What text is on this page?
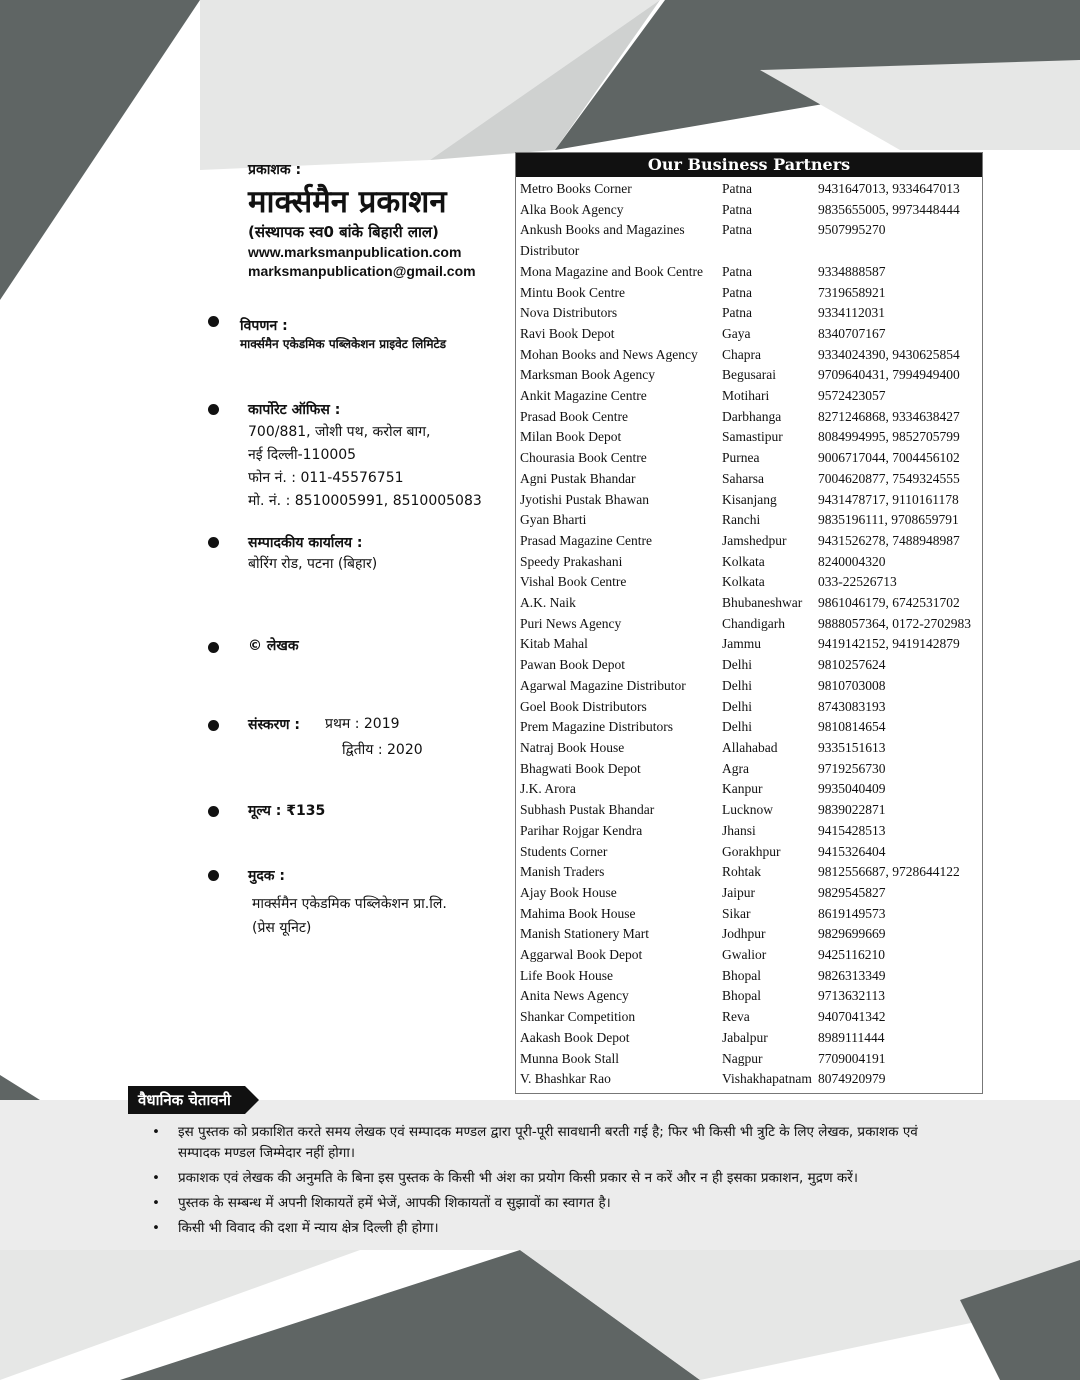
प्रकाशक :
मार्क्समैन प्रकाशन
(संस्थापक स्व0 बांके बिहारी लाल)
www.marksmanpublication.com
marksmanpublication@gmail.com
विपणन :
मार्क्समैन एकेडमिक पब्लिकेशन प्राइवेट लिमिटेड
कार्पोरेट ऑफिस :
700/881, जोशी पथ, करोल बाग,
नई दिल्ली-110005
फोन नं. : 011-45576751
मो. नं. : 8510005991, 8510005083
सम्पादकीय कार्यालय :
बोरिंग रोड, पटना (बिहार)
© लेखक
संस्करण : प्रथम : 2019
द्वितीय : 2020
मूल्य : ₹135
मुदक :
मार्क्समैन एकेडमिक पब्लिकेशन प्रा.लि.
(प्रेस यूनिट)
Our Business Partners
Metro Books Corner	Patna	9431647013, 9334647013
Alka Book Agency	Patna	9835655005, 9973448444
Ankush Books and Magazines Distributor	Patna	9507995270
Mona Magazine and Book Centre	Patna	9334888587
Mintu Book Centre	Patna	7319658921
Nova Distributors	Patna	9334112031
Ravi Book Depot	Gaya	8340707167
Mohan Books and News Agency	Chapra	9334024390, 9430625854
Marksman Book Agency	Begusarai	9709640431, 7994949400
Ankit Magazine Centre	Motihari	9572423057
Prasad Book Centre	Darbhanga	8271246868, 9334638427
Milan Book Depot	Samastipur	8084994995, 9852705799
Chourasia Book Centre	Purnea	9006717044, 7004456102
Agni Pustak Bhandar	Saharsa	7004620877, 7549324555
Jyotishi Pustak Bhawan	Kisanjang	9431478717, 9110161178
Gyan Bharti	Ranchi	9835196111, 9708659791
Prasad Magazine Centre	Jamshedpur	9431526278, 7488948987
Speedy Prakashani	Kolkata	8240004320
Vishal Book Centre	Kolkata	033-22526713
A.K. Naik	Bhubaneshwar	9861046179, 6742531702
Puri News Agency	Chandigarh	9888057364, 0172-2702983
Kitab Mahal	Jammu	9419142152, 9419142879
Pawan Book Depot	Delhi	9810257624
Agarwal Magazine Distributor	Delhi	9810703008
Goel Book Distributors	Delhi	8743083193
Prem Magazine Distributors	Delhi	9810814654
Natraj Book House	Allahabad	9335151613
Bhagwati Book Depot	Agra	9719256730
J.K. Arora	Kanpur	9935040409
Subhash Pustak Bhandar	Lucknow	9839022871
Parihar Rojgar Kendra	Jhansi	9415428513
Students Corner	Gorakhpur	9415326404
Manish Traders	Rohtak	9812556687, 9728644122
Ajay Book House	Jaipur	9829545827
Mahima Book House	Sikar	8619149573
Manish Stationery Mart	Jodhpur	9829699669
Aggarwal Book Depot	Gwalior	9425116210
Life Book House	Bhopal	9826313349
Anita News Agency	Bhopal	9713632113
Shankar Competition	Reva	9407041342
Aakash Book Depot	Jabalpur	8989111444
Munna Book Stall	Nagpur	7709004191
V. Bhashkar Rao	Vishakhapatnam	8074920979
वैधानिक चेतावनी
• इस पुस्तक को प्रकाशित करते समय लेखक एवं सम्पादक मण्डल द्वारा पूरी-पूरी सावधानी बरती गई है; फिर भी किसी भी त्रुटि के लिए लेखक, प्रकाशक एवं सम्पादक मण्डल जिम्मेदार नहीं होगा।
• प्रकाशक एवं लेखक की अनुमति के बिना इस पुस्तक के किसी भी अंश का प्रयोग किसी प्रकार से न करें और न ही इसका प्रकाशन, मुद्रण करें।
• पुस्तक के सम्बन्ध में अपनी शिकायतें हमें भेजें, आपकी शिकायतों व सुझावों का स्वागत है।
• किसी भी विवाद की दशा में न्याय क्षेत्र दिल्ली ही होगा।
